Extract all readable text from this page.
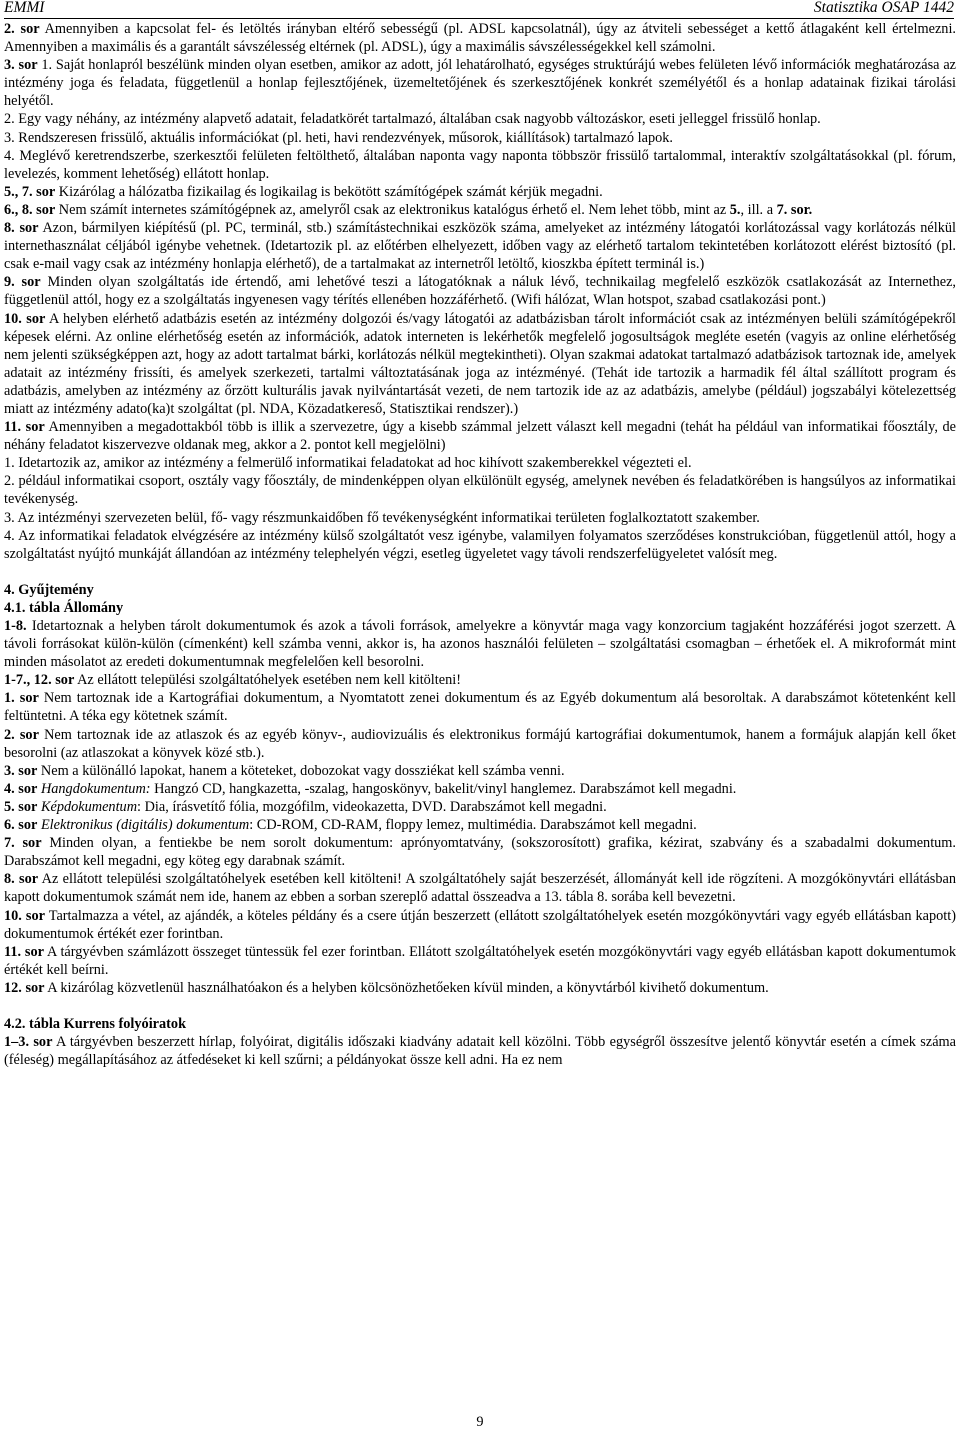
EMMI	Statisztika OSAP 1442

2. sor Amennyiben a kapcsolat fel- és letöltés irányban eltérő sebességű (pl. ADSL kapcsolatnál), úgy az átviteli sebességet a kettő átlagaként kell értelmezni. Amennyiben a maximális és a garantált sávszélesség eltérnek (pl. ADSL), úgy a maximális sávszélességekkel kell számolni.

3. sor 1. Saját honlapról beszélünk minden olyan esetben, amikor az adott, jól lehatárolható, egységes struktúrájú webes felületen lévő információk meghatározása az intézmény joga és feladata, függetlenül a honlap fejlesztőjének, üzemeltetőjének és szerkesztőjének konkrét személyétől és a honlap adatainak fizikai tárolási helyétől.

2. Egy vagy néhány, az intézmény alapvető adatait, feladatkörét tartalmazó, általában csak nagyobb változáskor, eseti jelleggel frissülő honlap.

3. Rendszeresen frissülő, aktuális információkat (pl. heti, havi rendezvények, műsorok, kiállítások) tartalmazó lapok.

4. Meglévő keretrendszerbe, szerkesztői felületen feltölthető, általában naponta vagy naponta többször frissülő tartalommal, interaktív szolgáltatásokkal (pl. fórum, levelezés, komment lehetőség) ellátott honlap.

5., 7. sor Kizárólag a hálózatba fizikailag és logikailag is bekötött számítógépek számát kérjük megadni.

6., 8. sor Nem számít internetes számítógépnek az, amelyről csak az elektronikus katalógus érhető el. Nem lehet több, mint az 5., ill. a 7. sor.

8. sor Azon, bármilyen kiépítésű (pl. PC, terminál, stb.) számítástechnikai eszközök száma, amelyeket az intézmény látogatói korlátozással vagy korlátozás nélkül internethasználat céljából igénybe vehetnek. (Idetartozik pl. az előtérben elhelyezett, időben vagy az elérhető tartalom tekintetében korlátozott elérést biztosító (pl. csak e-mail vagy csak az intézmény honlapja elérhető), de a tartalmakat az internetről letöltő, kioszkba épített terminál is.)

9. sor Minden olyan szolgáltatás ide értendő, ami lehetővé teszi a látogatóknak a náluk lévő, technikailag megfelelő eszközök csatlakozását az Internethez, függetlenül attól, hogy ez a szolgáltatás ingyenesen vagy térítés ellenében hozzáférhető. (Wifi hálózat, Wlan hotspot, szabad csatlakozási pont.)

10. sor A helyben elérhető adatbázis esetén az intézmény dolgozói és/vagy látogatói az adatbázisban tárolt információt csak az intézményen belüli számítógépekről képesek elérni. Az online elérhetőség esetén az információk, adatok interneten is lekérhetők megfelelő jogosultságok megléte esetén (vagyis az online elérhetőség nem jelenti szükségképpen azt, hogy az adott tartalmat bárki, korlátozás nélkül megtekintheti). Olyan szakmai adatokat tartalmazó adatbázisok tartoznak ide, amelyek adatait az intézmény frissíti, és amelyek szerkezeti, tartalmi változtatásának joga az intézményé. (Tehát ide tartozik a harmadik fél által szállított program és adatbázis, amelyben az intézmény az őrzött kulturális javak nyilvántartását vezeti, de nem tartozik ide az az adatbázis, amelybe (például) jogszabályi kötelezettség miatt az intézmény adato(ka)t szolgáltat (pl. NDA, Közadatkereső, Statisztikai rendszer).)

11. sor Amennyiben a megadottakból több is illik a szervezetre, úgy a kisebb számmal jelzett választ kell megadni (tehát ha például van informatikai főosztály, de néhány feladatot kiszervezve oldanak meg, akkor a 2. pontot kell megjelölni)

1. Idetartozik az, amikor az intézmény a felmerülő informatikai feladatokat ad hoc kihívott szakemberekkel végezteti el.

2. például informatikai csoport, osztály vagy főosztály, de mindenképpen olyan elkülönült egység, amelynek nevében és feladatkörében is hangsúlyos az informatikai tevékenység.

3. Az intézményi szervezeten belül, fő- vagy részmunkaidőben fő tevékenységként informatikai területen foglalkoztatott szakember.

4. Az informatikai feladatok elvégzésére az intézmény külső szolgáltatót vesz igénybe, valamilyen folyamatos szerződéses konstrukcióban, függetlenül attól, hogy a szolgáltatást nyújtó munkáját állandóan az intézmény telephelyén végzi, esetleg ügyeletet vagy távoli rendszerfelügyeletet valósít meg.

4. Gyűjtemény

4.1. tábla Állomány

1-8. Idetartoznak a helyben tárolt dokumentumok és azok a távoli források, amelyekre a könyvtár maga vagy konzorcium tagjaként hozzáférési jogot szerzett. A távoli forrásokat külön-külön (címenként) kell számba venni, akkor is, ha azonos használói felületen – szolgáltatási csomagban – érhetőek el. A mikroformát mint minden másolatot az eredeti dokumentumnak megfelelően kell besorolni.

1-7., 12. sor Az ellátott települési szolgáltatóhelyek esetében nem kell kitölteni!

1. sor Nem tartoznak ide a Kartográfiai dokumentum, a Nyomtatott zenei dokumentum és az Egyéb dokumentum alá besoroltak. A darabszámot kötetenként kell feltüntetni. A téka egy kötetnek számít.

2. sor Nem tartoznak ide az atlaszok és az egyéb könyv-, audiovizuális és elektronikus formájú kartográfiai dokumentumok, hanem a formájuk alapján kell őket besorolni (az atlaszokat a könyvek közé stb.).

3. sor Nem a különálló lapokat, hanem a köteteket, dobozokat vagy dossziékat kell számba venni.

4. sor Hangdokumentum: Hangzó CD, hangkazetta, -szalag, hangoskönyv, bakelit/vinyl hanglemez. Darabszámot kell megadni.

5. sor Képdokumentum: Dia, írásvetítő fólia, mozgófilm, videokazetta, DVD. Darabszámot kell megadni.

6. sor Elektronikus (digitális) dokumentum: CD-ROM, CD-RAM, floppy lemez, multimédia. Darabszámot kell megadni.

7. sor Minden olyan, a fentiekbe be nem sorolt dokumentum: aprónyomtatvány, (sokszorosított) grafika, kézirat, szabvány és a szabadalmi dokumentum. Darabszámot kell megadni, egy köteg egy darabnak számít.

8. sor Az ellátott települési szolgáltatóhelyek esetében kell kitölteni! A szolgáltatóhely saját beszerzését, állományát kell ide rögzíteni. A mozgókönyvtári ellátásban kapott dokumentumok számát nem ide, hanem az ebben a sorban szereplő adattal összeadva a 13. tábla 8. sorába kell bevezetni.

10. sor Tartalmazza a vétel, az ajándék, a köteles példány és a csere útján beszerzett (ellátott szolgáltatóhelyek esetén mozgókönyvtári vagy egyéb ellátásban kapott) dokumentumok értékét ezer forintban.

11. sor A tárgyévben számlázott összeget tüntessük fel ezer forintban. Ellátott szolgáltatóhelyek esetén mozgókönyvtári vagy egyéb ellátásban kapott dokumentumok értékét kell beírni.

12. sor A kizárólag közvetlenül használhatóakon és a helyben kölcsönözhetőeken kívül minden, a könyvtárból kivihető dokumentum.

4.2. tábla Kurrens folyóiratok

1–3. sor A tárgyévben beszerzett hírlap, folyóirat, digitális időszaki kiadvány adatait kell közölni. Több egységről összesítve jelentő könyvtár esetén a címek száma (féleség) megállapításához az átfedéseket ki kell szűrni; a példányokat össze kell adni. Ha ez nem

9
